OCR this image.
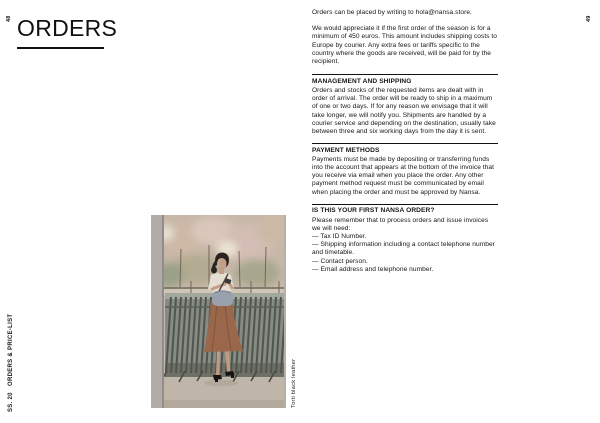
48	49
ORDERS
ORDERS & PRICE-LIST
SS. 20	Torti black leather

Orders can be placed by writing to hola@nansa.store.

We would appreciate it if the first order of the season is for a minimum of 450 euros. This amount includes shipping costs to Europe by courier. Any extra fees or tariffs specific to the country where the goods are received, will be paid for by the recipient.

MANAGEMENT AND SHIPPING

Orders and stocks of the requested items are dealt with in order of arrival. The order will be ready to ship in a maximum of one or two days. If for any reason we envisage that it will take longer, we will notify you. Shipments are handled by a courier service and depending on the destination, usually take between three and six working days from the day it is sent.

PAYMENT METHODS

Payments must be made by depositing or transferring funds into the account that appears at the bottom of the invoice that you receive via email when you place the order. Any other payment method request must be communicated by email when placing the order and must be approved by Nansa.

IS THIS YOUR FIRST NANSA ORDER?

Please remember that to process orders and issue invoices we will need:

— Tax ID Number.
— Shipping information including a contact telephone number and timetable.
— Contact person.
— Email address and telephone number.
